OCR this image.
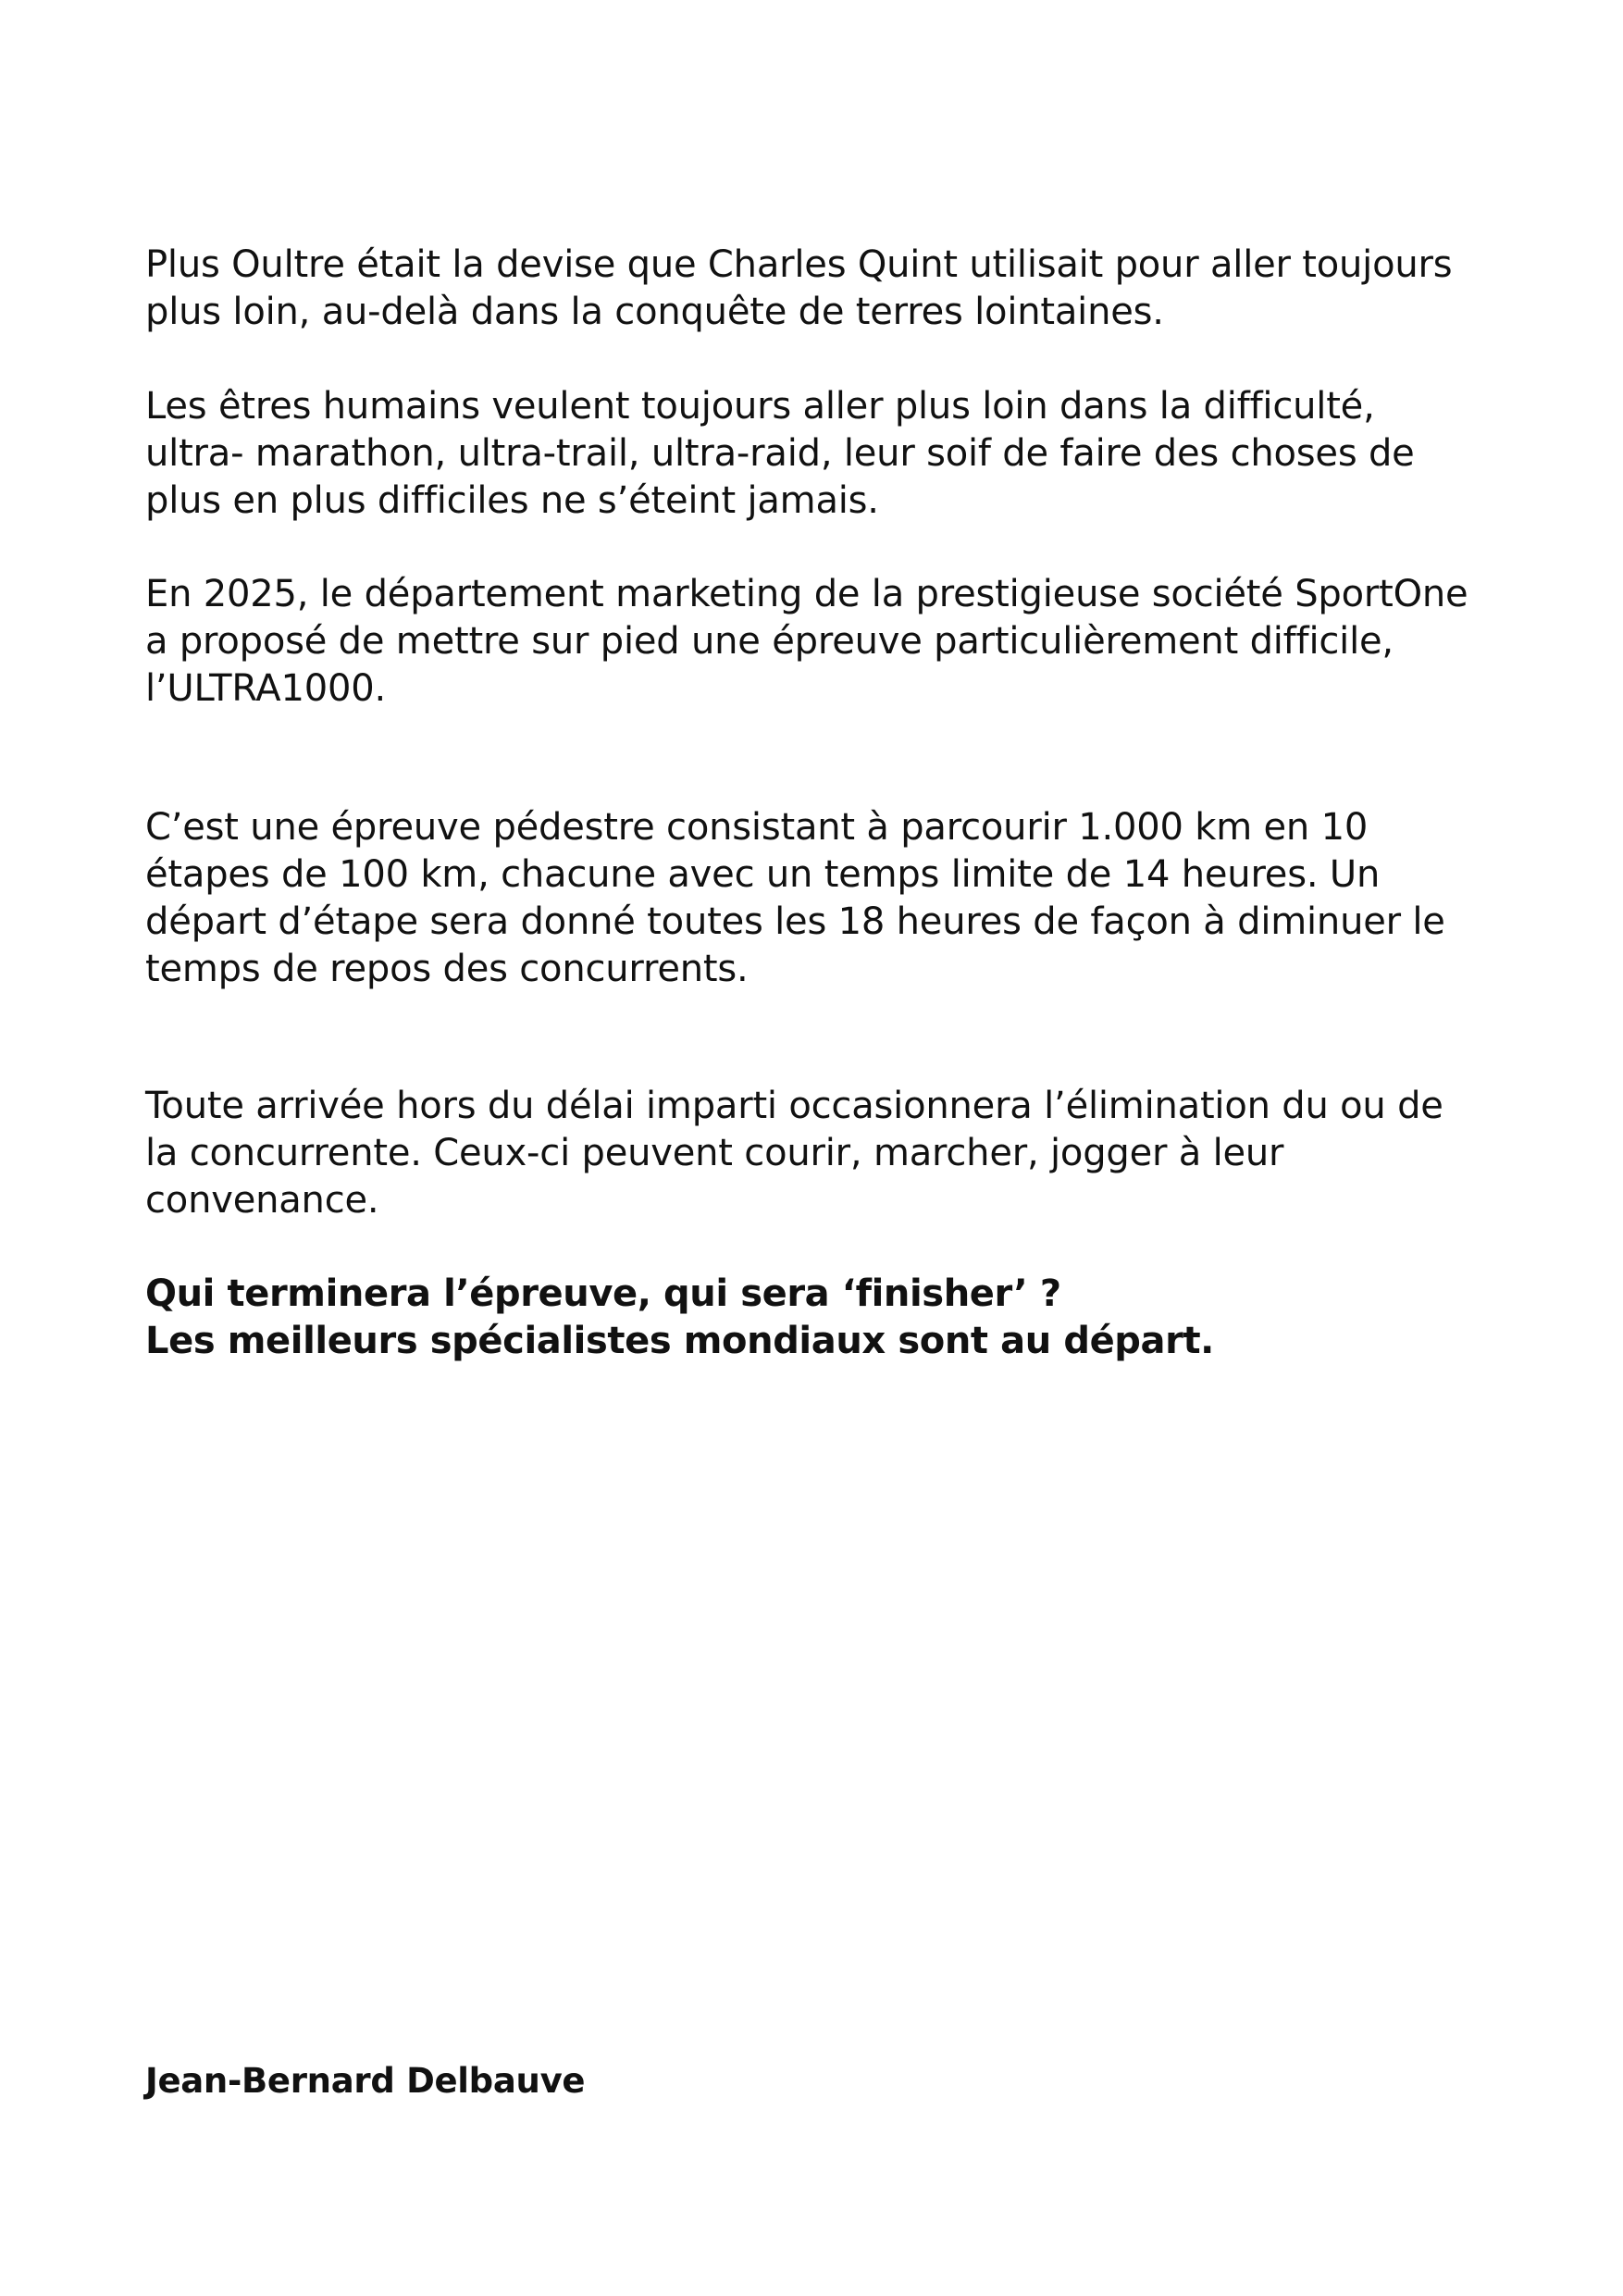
Plus Oultre était la devise que Charles Quint utilisait pour aller toujours
plus loin, au-delà dans la conquête de terres lointaines.

Les êtres humains veulent toujours aller plus loin dans la difficulté,
ultra- marathon, ultra-trail, ultra-raid, leur soif de faire des choses de
plus en plus difficiles ne s’éteint jamais.

En 2025, le département marketing de la prestigieuse société SportOne
a proposé de mettre sur pied une épreuve particulièrement difficile,
l’ULTRA1000.

C’est une épreuve pédestre consistant à parcourir 1.000 km en 10
étapes de 100 km, chacune avec un temps limite de 14 heures. Un
départ d’étape sera donné toutes les 18 heures de façon à diminuer le
temps de repos des concurrents.

Toute arrivée hors du délai imparti occasionnera l’élimination du ou de
la concurrente. Ceux-ci peuvent courir, marcher, jogger à leur
convenance.

Qui terminera l’épreuve, qui sera ‘finisher’ ?
Les meilleurs spécialistes mondiaux sont au départ.

Jean-Bernard Delbauve
